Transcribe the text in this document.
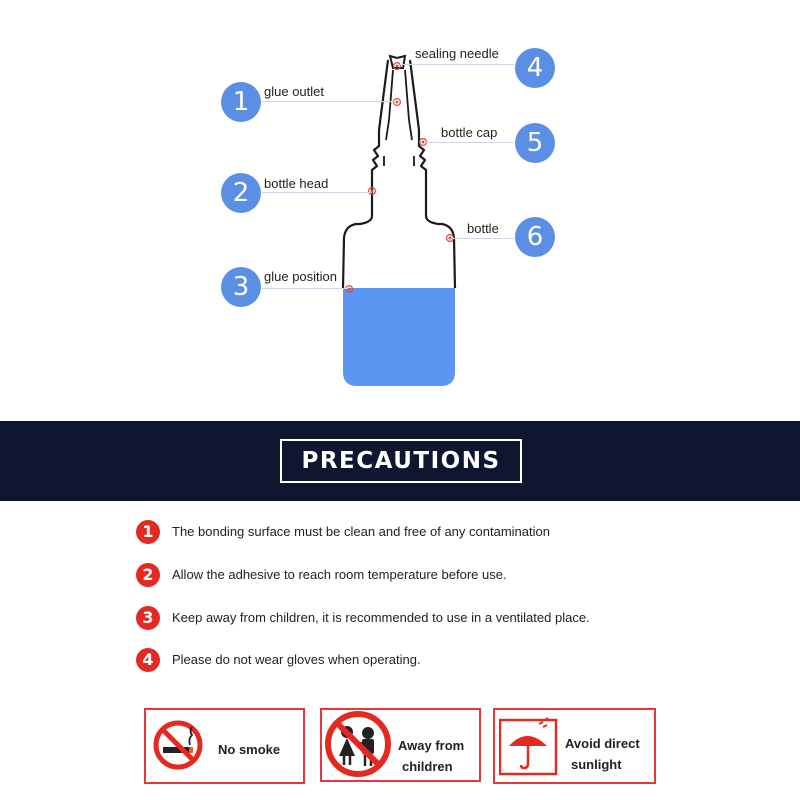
1	glue outlet
2	bottle head
3	glue position
sealing needle	4
bottle cap	5
bottle	6
PRECAUTIONS
1	The bonding surface must be clean and free of any contamination
2	Allow the adhesive to reach room temperature before use.
3	Keep away from children, it is recommended to use in a ventilated place.
4	Please do not wear gloves when operating.
No smoke	Away from
children
Avoid direct
sunlight
